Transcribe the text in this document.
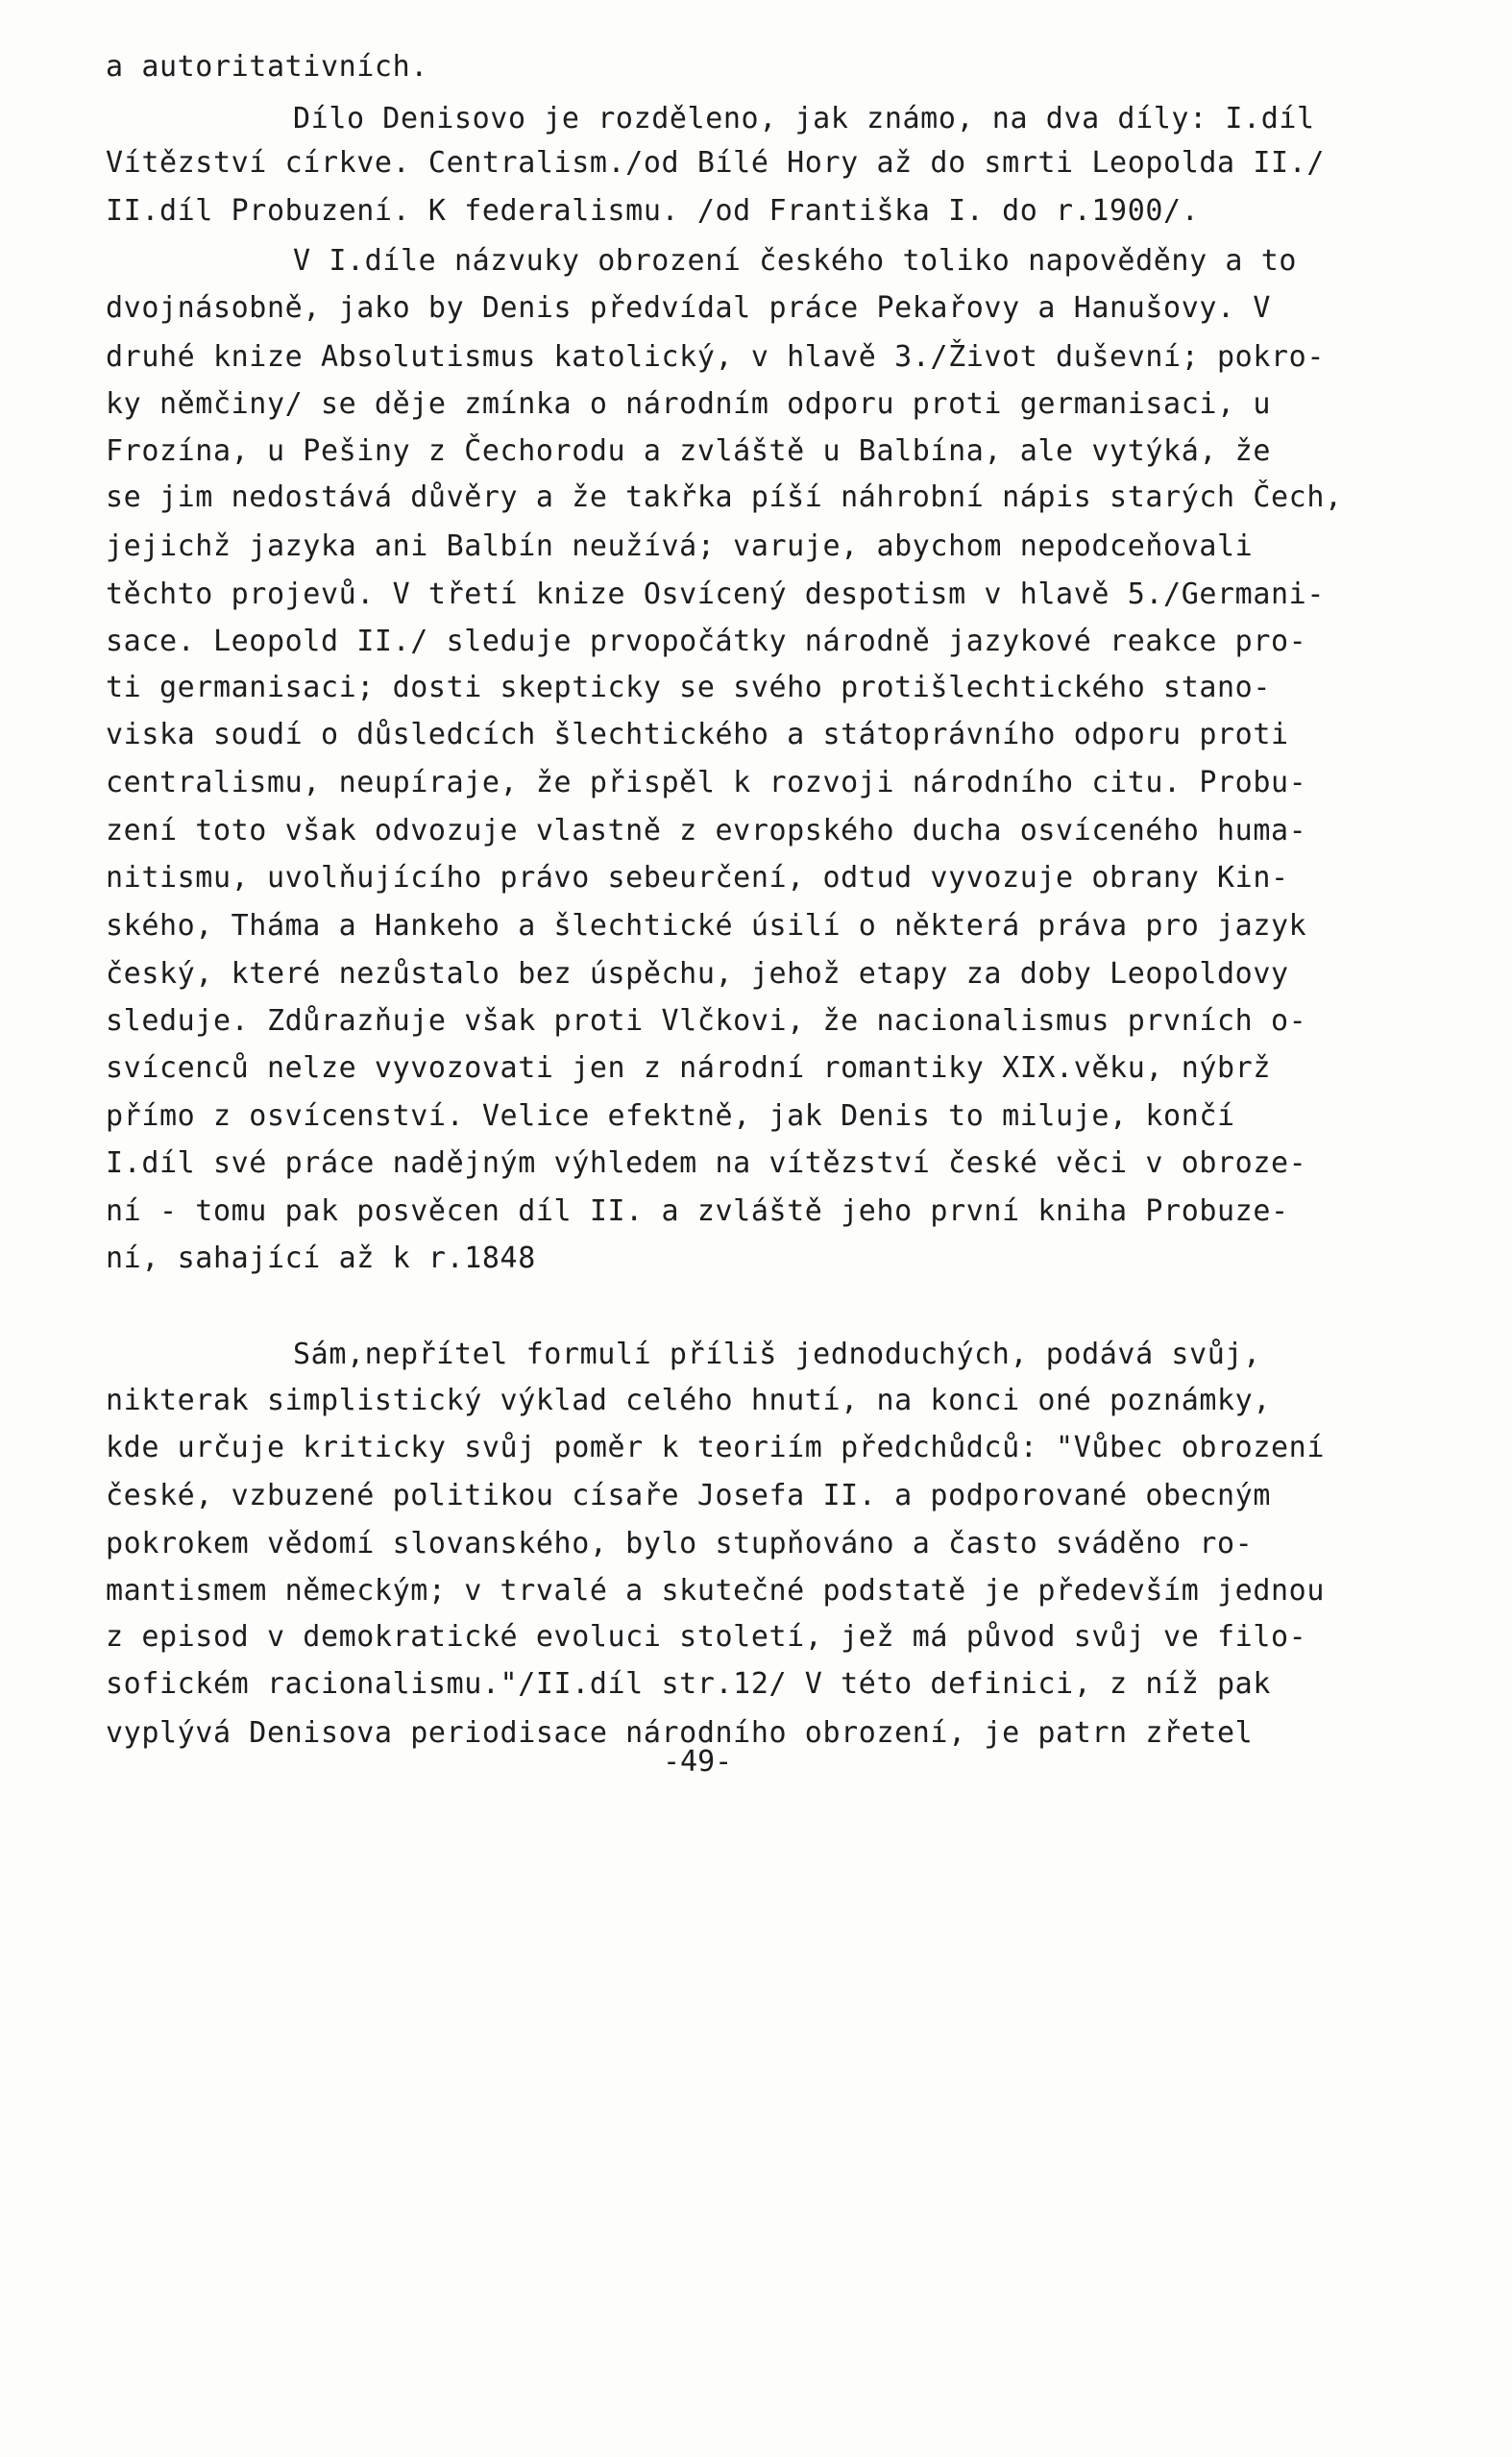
a autoritativních.

Dílo Denisovo je rozděleno, jak známo, na dva díly: I.díl

Vítězství církve. Centralism./od Bílé Hory až do smrti Leopolda II./

II.díl Probuzení. K federalismu. /od Františka I. do r.1900/.

V I.díle názvuky obrození českého toliko napověděny a to

dvojnásobně, jako by Denis předvídal práce Pekařovy a Hanušovy. V

druhé knize Absolutismus katolický, v hlavě 3./Život duševní; pokro-

ky němčiny/ se děje zmínka o národním odporu proti germanisaci, u

Frozína, u Pešiny z Čechorodu a zvláště u Balbína, ale vytýká, že

se jim nedostává důvěry a že takřka píší náhrobní nápis starých Čech,

jejichž jazyka ani Balbín neužívá; varuje, abychom nepodceňovali

těchto projevů. V třetí knize Osvícený despotism v hlavě 5./Germani-

sace. Leopold II./ sleduje prvopočátky národně jazykové reakce pro-

ti germanisaci; dosti skepticky se svého protišlechtického stano-

viska soudí o důsledcích šlechtického a státoprávního odporu proti

centralismu, neupíraje, že přispěl k rozvoji národního citu. Probu-

zení toto však odvozuje vlastně z evropského ducha osvíceného huma-

nitismu, uvolňujícího právo sebeurčení, odtud vyvozuje obrany Kin-

ského, Tháma a Hankeho a šlechtické úsilí o některá práva pro jazyk

český, které nezůstalo bez úspěchu, jehož etapy za doby Leopoldovy

sleduje. Zdůrazňuje však proti Vlčkovi, že nacionalismus prvních o-

svícenců nelze vyvozovati jen z národní romantiky XIX.věku, nýbrž

přímo z osvícenství. Velice efektně, jak Denis to miluje, končí

I.díl své práce nadějným výhledem na vítězství české věci v obroze-

ní - tomu pak posvěcen díl II. a zvláště jeho první kniha Probuze-

ní, sahající až k r.1848

Sám,nepřítel formulí příliš jednoduchých, podává svůj,

nikterak simplistický výklad celého hnutí, na konci oné poznámky,

kde určuje kriticky svůj poměr k teoriím předchůdců: "Vůbec obrození

české, vzbuzené politikou císaře Josefa II. a podporované obecným

pokrokem vědomí slovanského, bylo stupňováno a často sváděno ro-

mantismem německým; v trvalé a skutečné podstatě je především jednou

z episod v demokratické evoluci století, jež má původ svůj ve filo-

sofickém racionalismu."/II.díl str.12/ V této definici, z níž pak

vyplývá Denisova periodisace národního obrození, je patrn zřetel

-49-
